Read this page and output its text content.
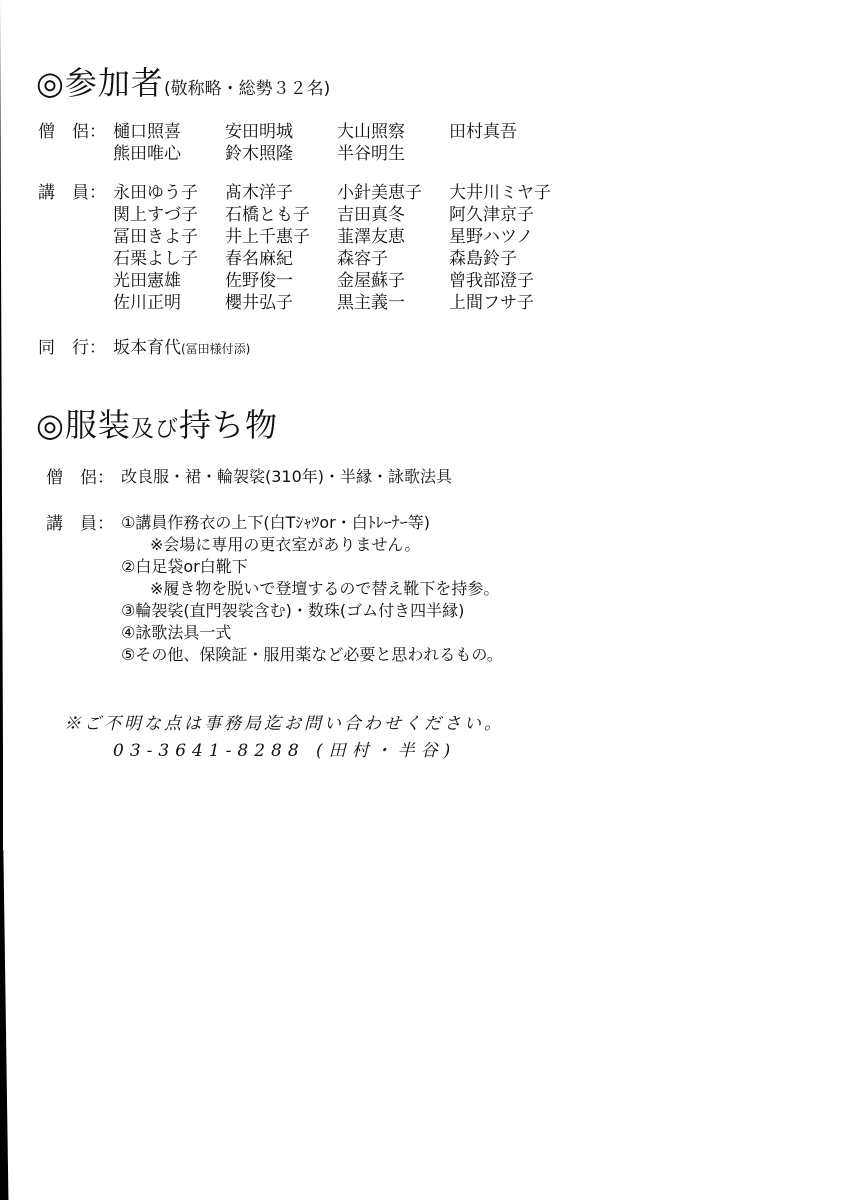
◎参加者(敬称略・総勢３２名)
僧　侶： 樋口照喜	安田明城	大山照察	田村真吾
熊田唯心	鈴木照隆	半谷明生
講　員： 永田ゆう子 髙木洋子	小針美恵子 大井川ミヤ子
関上すづ子 石橋とも子 吉田真冬	阿久津京子
冨田きよ子 井上千惠子 韮澤友恵	星野ハツノ
石栗よし子 春名麻紀	森容子	森島鈴子
光田憲雄	佐野俊一	金屋蘇子	曾我部澄子
佐川正明	櫻井弘子	黒主義一	上間フサ子
同　行： 坂本育代(冨田様付添)
◎服装及び持ち物
僧　侶： 改良服・裙・輪袈裟(310年)・半縁・詠歌法具
講　員： ①講員作務衣の上下(白Tｼｬﾂor・白ﾄﾚｰﾅｰ等)
※会場に専用の更衣室がありません。
②白足袋or白靴下
※履き物を脱いで登壇するので替え靴下を持参。
③輪袈裟(直門袈裟含む)・数珠(ゴム付き四半縁)
④詠歌法具一式
⑤その他、保険証・服用薬など必要と思われるもの。
※ご不明な点は事務局迄お問い合わせください。
03-3641-8288 (田村・半谷)
